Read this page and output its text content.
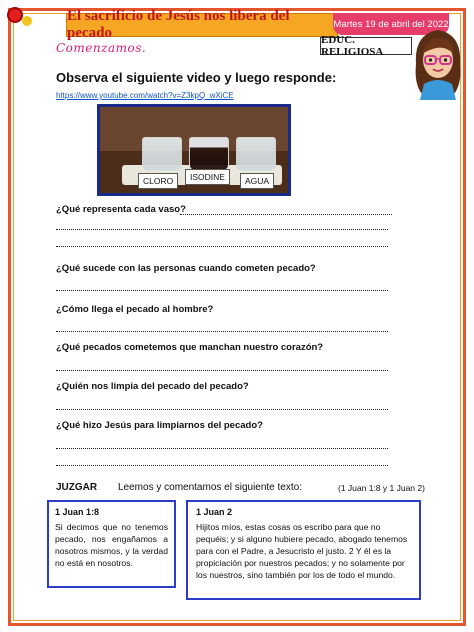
El sacrificio de Jesús nos libera del pecado
Martes 19 de abril del 2022
Comenzamos.
EDUC. RELIGIOSA
Observa el siguiente video y luego responde:
https://www.youtube.com/watch?v=Z3kpQ_wXiCE
CLORO	ISODINE	AGUA
¿Qué representa cada vaso?
¿Qué sucede con las personas cuando cometen pecado?
¿Cómo llega el pecado al hombre?
¿Qué pecados cometemos que manchan nuestro corazón?
¿Quién nos limpia del pecado del pecado?
¿Qué hizo Jesús para limpiarnos del pecado?
JUZGAR Leemos y comentamos el siguiente texto:	(1 Juan 1:8 y 1 Juan 2)
1 Juan 1:8

Si decimos que no tenemos pecado, nos engañamos a nosotros mismos, y la verdad no está en nosotros.

1 Juan 2

Hijitos míos, estas cosas os escribo para que no pequéis; y si alguno hubiere pecado, abogado tenemos para con el Padre, a Jesucristo el justo. 2 Y él es la propiciación por nuestros pecados; y no solamente por los nuestros, sino también por los de todo el mundo.
